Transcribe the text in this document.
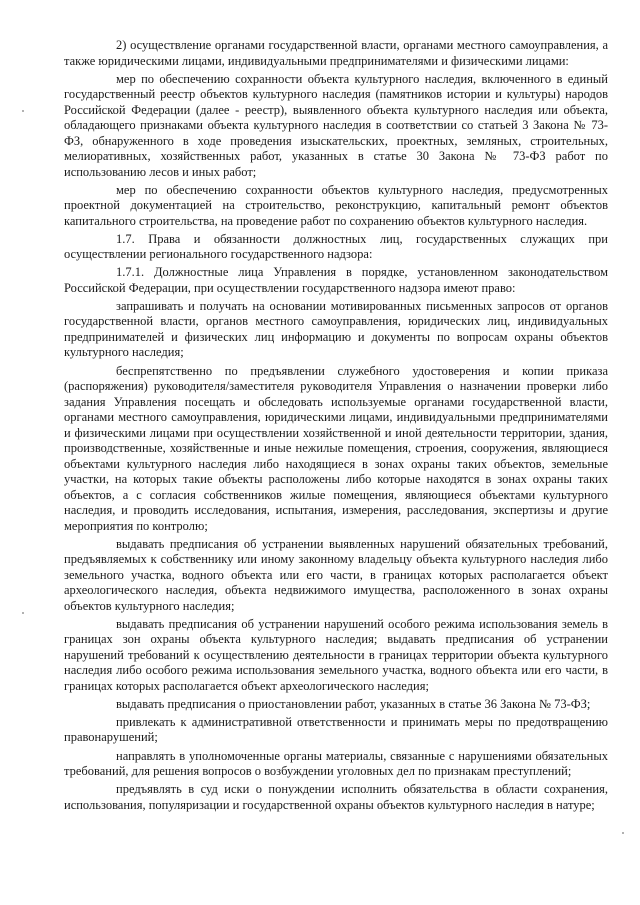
2) осуществление органами государственной власти, органами местного самоуправления, а также юридическими лицами, индивидуальными предпринимателями и физическими лицами:

мер по обеспечению сохранности объекта культурного наследия, включенного в единый государственный реестр объектов культурного наследия (памятников истории и культуры) народов Российской Федерации (далее - реестр), выявленного объекта культурного наследия или объекта, обладающего признаками объекта культурного наследия в соответствии со статьей 3 Закона № 73-ФЗ, обнаруженного в ходе проведения изыскательских, проектных, земляных, строительных, мелиоративных, хозяйственных работ, указанных в статье 30 Закона № 73-ФЗ работ по использованию лесов и иных работ;

мер по обеспечению сохранности объектов культурного наследия, предусмотренных проектной документацией на строительство, реконструкцию, капитальный ремонт объектов капитального строительства, на проведение работ по сохранению объектов культурного наследия.

1.7. Права и обязанности должностных лиц, государственных служащих при осуществлении регионального государственного надзора:

1.7.1. Должностные лица Управления в порядке, установленном законодательством Российской Федерации, при осуществлении государственного надзора имеют право:

запрашивать и получать на основании мотивированных письменных запросов от органов государственной власти, органов местного самоуправления, юридических лиц, индивидуальных предпринимателей и физических лиц информацию и документы по вопросам охраны объектов культурного наследия;

беспрепятственно по предъявлении служебного удостоверения и копии приказа (распоряжения) руководителя/заместителя руководителя Управления о назначении проверки либо задания Управления посещать и обследовать используемые органами государственной власти, органами местного самоуправления, юридическими лицами, индивидуальными предпринимателями и физическими лицами при осуществлении хозяйственной и иной деятельности территории, здания, производственные, хозяйственные и иные нежилые помещения, строения, сооружения, являющиеся объектами культурного наследия либо находящиеся в зонах охраны таких объектов, земельные участки, на которых такие объекты расположены либо которые находятся в зонах охраны таких объектов, а с согласия собственников жилые помещения, являющиеся объектами культурного наследия, и проводить исследования, испытания, измерения, расследования, экспертизы и другие мероприятия по контролю;

выдавать предписания об устранении выявленных нарушений обязательных требований, предъявляемых к собственнику или иному законному владельцу объекта культурного наследия либо земельного участка, водного объекта или его части, в границах которых располагается объект археологического наследия, объекта недвижимого имущества, расположенного в зонах охраны объектов культурного наследия;

выдавать предписания об устранении нарушений особого режима использования земель в границах зон охраны объекта культурного наследия; выдавать предписания об устранении нарушений требований к осуществлению деятельности в границах территории объекта культурного наследия либо особого режима использования земельного участка, водного объекта или его части, в границах которых располагается объект археологического наследия;

выдавать предписания о приостановлении работ, указанных в статье 36 Закона № 73-ФЗ;

привлекать к административной ответственности и принимать меры по предотвращению правонарушений;

направлять в уполномоченные органы материалы, связанные с нарушениями обязательных требований, для решения вопросов о возбуждении уголовных дел по признакам преступлений;

предъявлять в суд иски о понуждении исполнить обязательства в области сохранения, использования, популяризации и государственной охраны объектов культурного наследия в натуре;
